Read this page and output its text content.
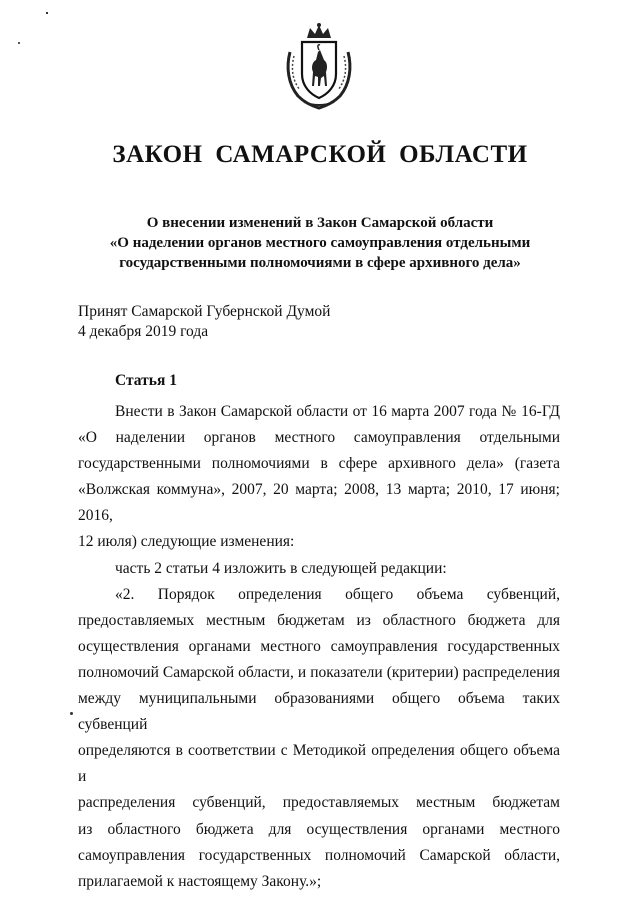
ЗАКОН САМАРСКОЙ ОБЛАСТИ
О внесении изменений в Закон Самарской области
«О наделении органов местного самоуправления отдельными
государственными полномочиями в сфере архивного дела»
Принят Самарской Губернской Думой
4 декабря 2019 года
Статья 1
Внести в Закон Самарской области от 16 марта 2007 года № 16-ГД
«О наделении органов местного самоуправления отдельными
государственными полномочиями в сфере архивного дела» (газета
«Волжская коммуна», 2007, 20 марта; 2008, 13 марта; 2010, 17 июня; 2016,
12 июля) следующие изменения:
часть 2 статьи 4 изложить в следующей редакции:
«2. Порядок определения общего объема субвенций,
предоставляемых местным бюджетам из областного бюджета для
осуществления органами местного самоуправления государственных
полномочий Самарской области, и показатели (критерии) распределения
между муниципальными образованиями общего объема таких субвенций
определяются в соответствии с Методикой определения общего объема и
распределения субвенций, предоставляемых местным бюджетам
из областного бюджета для осуществления органами местного
самоуправления государственных полномочий Самарской области,
прилагаемой к настоящему Закону.»;
